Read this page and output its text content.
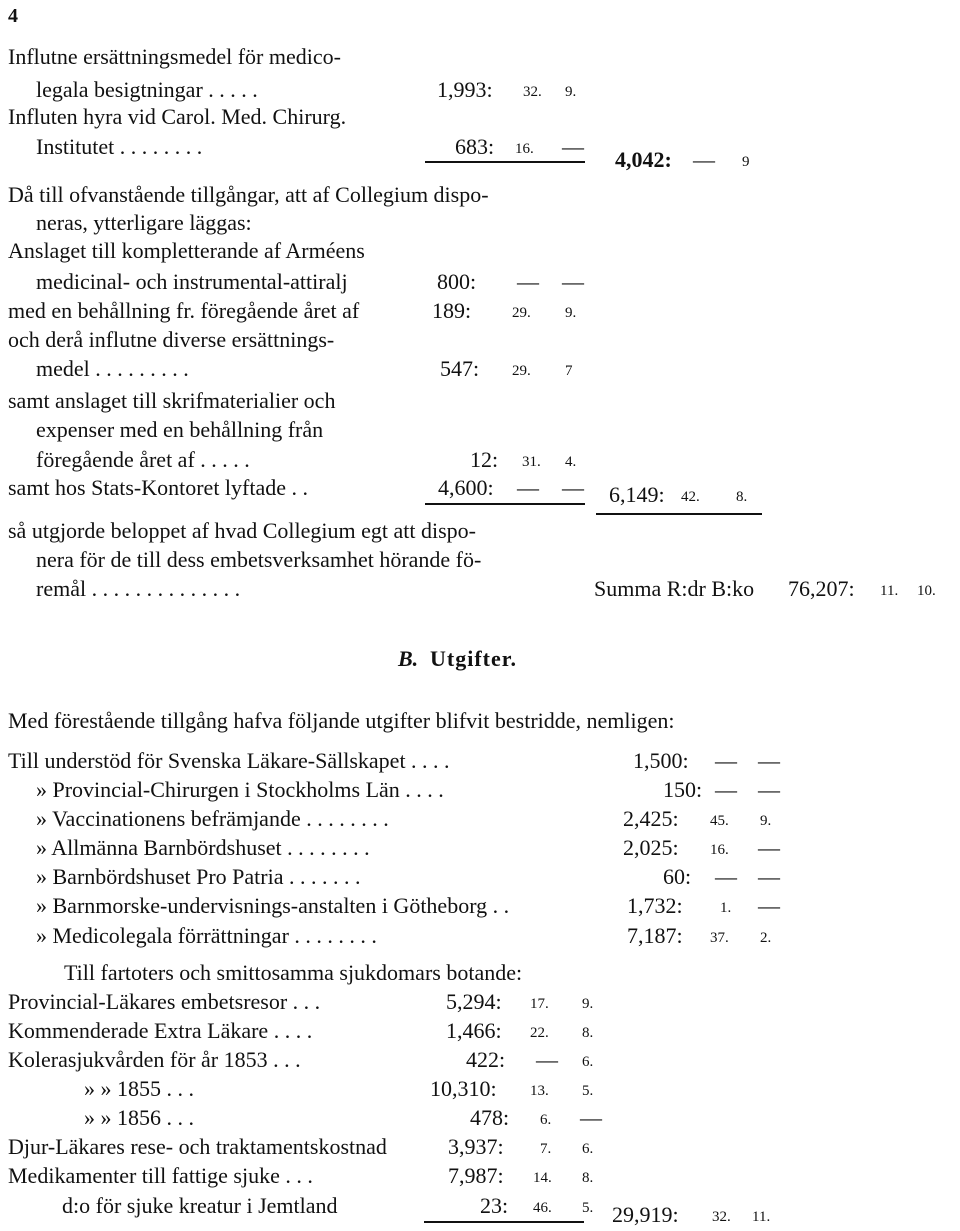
4
Influtne ersättningsmedel för medico-
legala besigtningar . . . . .	1,993: 32. 9.
Influten hyra vid Carol. Med. Chirurg.
Institutet . . . . . . . .	683: 16. —
4,042: — 9
Då till ofvanstående tillgångar, att af Collegium dispo-
neras, ytterligare läggas:
Anslaget till kompletterande af Arméens
medicinal- och instrumental-attiralj	800: — —
med en behållning fr. föregående året af	189:	29. 9.
och derå influtne diverse ersättnings-
medel . . . . . . . . .	547: 29. 7
samt anslaget till skrifmaterialier och
expenser med en behållning från
föregående året af . . . . .	12: 31. 4.
samt hos Stats-Kontoret lyftade . .	4,600: — — 6,149: 42. 8.
så utgjorde beloppet af hvad Collegium egt att dispo-
nera för de till dess embetsverksamhet hörande fö-
remål . . . . . . . . . . . . . .	Summa R:dr B:ko 76,207: 11. 10.
B. Utgifter.
Med förestående tillgång hafva följande utgifter blifvit bestridde, nemligen:
Till understöd för Svenska Läkare-Sällskapet . . . .	1,500: — —
» Provincial-Chirurgen i Stockholms Län . . . .	150: — —
» Vaccinationens befrämjande . . . . . . . .	2,425: 45. 9.
» Allmänna Barnbördshuset . . . . . . . .	2,025: 16. —
» Barnbördshuset Pro Patria . . . . . . .	60: — —
» Barnmorske-undervisnings-anstalten i Götheborg . .	1,732: 1. —
» Medicolegala förrättningar . . . . . . . .	7,187: 37. 2.
Till fartoters och smittosamma sjukdomars botande:
Provincial-Läkares embetsresor . . .	5,294: 17. 9.
Kommenderade Extra Läkare . . . .	1,466: 22. 8.
Kolerasjukvården för år 1853 . . .	422: — 6.
» » 1855 . . .	10,310: 13. 5.
» » 1856 . . .	478: 6. —
Djur-Läkares rese- och traktamentskostnad	3,937: 7. 6.
Medikamenter till fattige sjuke . . .	7,987: 14. 8.
d:o för sjuke kreatur i Jemtland	23: 46. 5. 29,919: 32. 11.
